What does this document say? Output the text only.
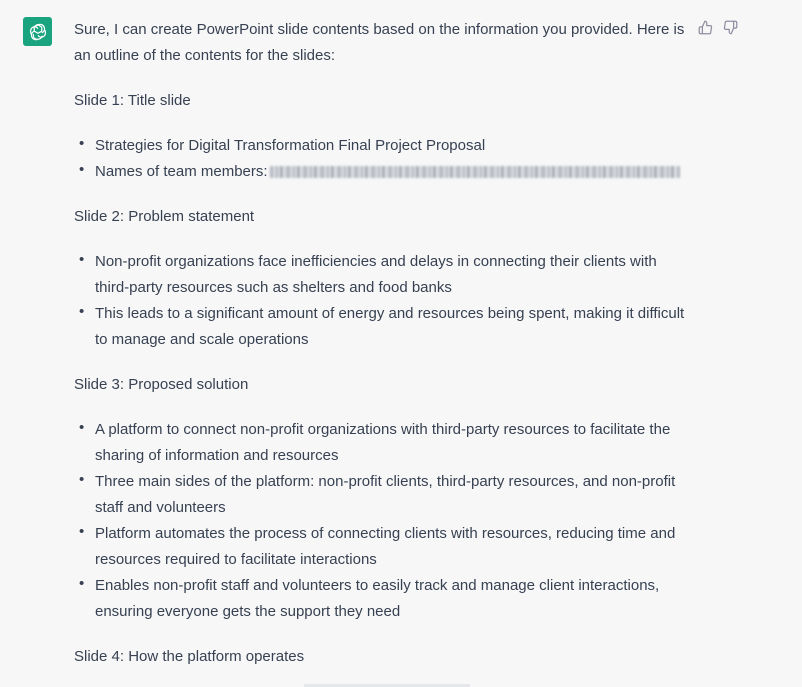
Sure, I can create PowerPoint slide contents based on the information you provided. Here is an outline of the contents for the slides:

Slide 1: Title slide

• Strategies for Digital Transformation Final Project Proposal
• Names of team members:

Slide 2: Problem statement

• Non-profit organizations face inefficiencies and delays in connecting their clients with third-party resources such as shelters and food banks
• This leads to a significant amount of energy and resources being spent, making it difficult to manage and scale operations

Slide 3: Proposed solution

• A platform to connect non-profit organizations with third-party resources to facilitate the sharing of information and resources
• Three main sides of the platform: non-profit clients, third-party resources, and non-profit staff and volunteers
• Platform automates the process of connecting clients with resources, reducing time and resources required to facilitate interactions
• Enables non-profit staff and volunteers to easily track and manage client interactions, ensuring everyone gets the support they need

Slide 4: How the platform operates
